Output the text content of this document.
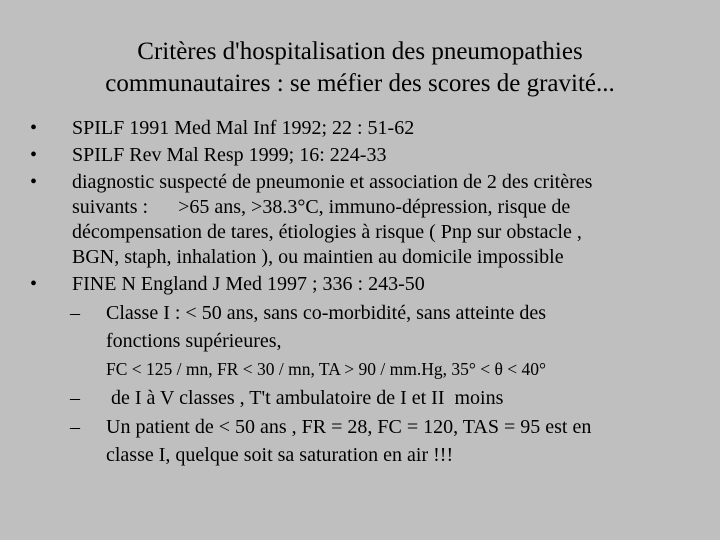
Critères d'hospitalisation des pneumopathies
communautaires : se méfier des scores de gravité...
•	SPILF 1991 Med Mal Inf 1992; 22 : 51-62
•	SPILF Rev Mal Resp 1999; 16: 224-33
•	diagnostic suspecté de pneumonie et association de 2 des critères
suivants :      >65 ans, >38.3°C, immuno-dépression, risque de
décompensation de tares, étiologies à risque ( Pnp sur obstacle ,
BGN, staph, inhalation ), ou maintien au domicile impossible
•	FINE N England J Med 1997 ; 336 : 243-50
– Classe I : < 50 ans, sans co-morbidité, sans atteinte des
fonctions supérieures,
FC < 125 / mn, FR < 30 / mn, TA > 90 / mm.Hg, 35° < θ < 40°
– de I à V classes , T't ambulatoire de I et II  moins
– Un patient de < 50 ans , FR = 28, FC = 120, TAS = 95 est en
classe I, quelque soit sa saturation en air !!!
